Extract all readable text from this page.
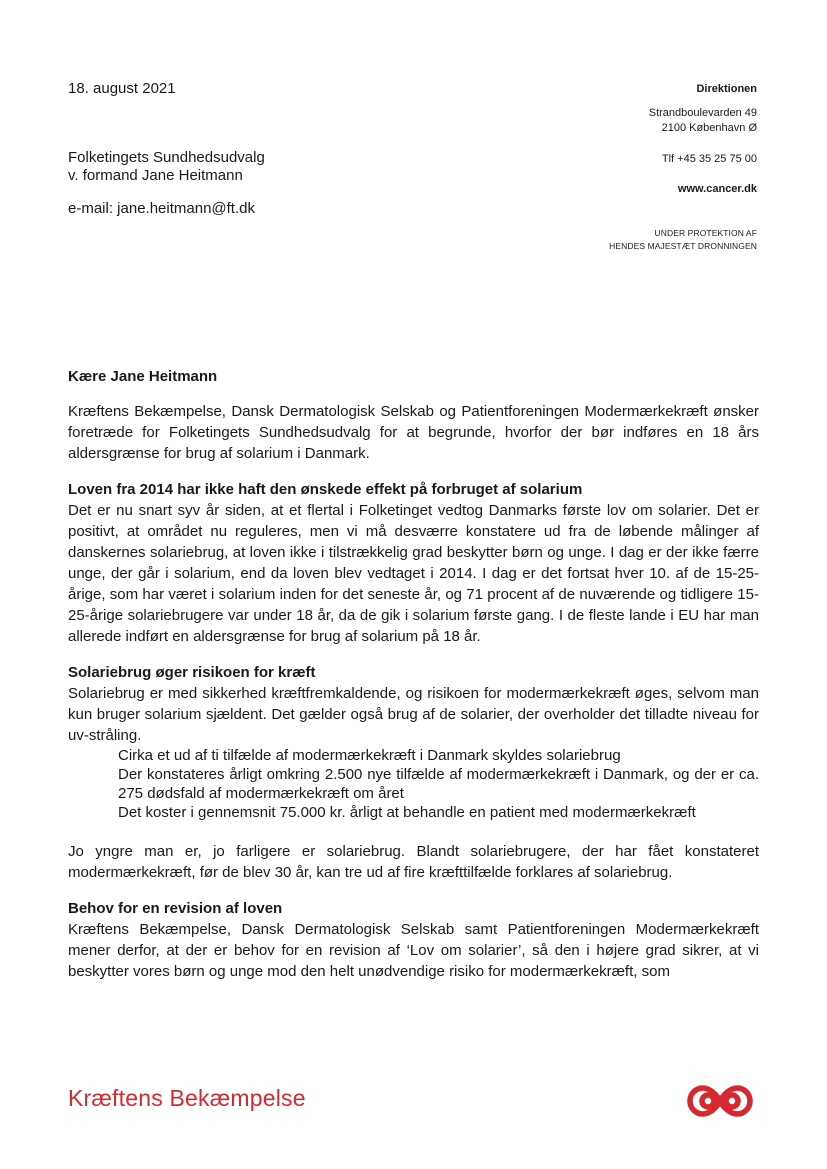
18. august 2021
Folketingets Sundhedsudvalg
v. formand Jane Heitmann
e-mail: jane.heitmann@ft.dk
Direktionen
Strandboulevarden 49
2100 København Ø
Tlf +45 35 25 75 00
www.cancer.dk
UNDER PROTEKTION AF
HENDES MAJESTÆT DRONNINGEN

Kære Jane Heitmann

Kræftens Bekæmpelse, Dansk Dermatologisk Selskab og Patientforeningen Modermærkekræft ønsker foretræde for Folketingets Sundhedsudvalg for at begrunde, hvorfor der bør indføres en 18 års aldersgrænse for brug af solarium i Danmark.

Loven fra 2014 har ikke haft den ønskede effekt på forbruget af solarium

Det er nu snart syv år siden, at et flertal i Folketinget vedtog Danmarks første lov om solarier. Det er positivt, at området nu reguleres, men vi må desværre konstatere ud fra de løbende målinger af danskernes solariebrug, at loven ikke i tilstrækkelig grad beskytter børn og unge. I dag er der ikke færre unge, der går i solarium, end da loven blev vedtaget i 2014. I dag er det fortsat hver 10. af de 15-25-årige, som har været i solarium inden for det seneste år, og 71 procent af de nuværende og tidligere 15-25-årige solariebrugere var under 18 år, da de gik i solarium første gang. I de fleste lande i EU har man allerede indført en aldersgrænse for brug af solarium på 18 år.

Solariebrug øger risikoen for kræft

Solariebrug er med sikkerhed kræftfremkaldende, og risikoen for modermærkekræft øges, selvom man kun bruger solarium sjældent. Det gælder også brug af de solarier, der overholder det tilladte niveau for uv-stråling.

Cirka et ud af ti tilfælde af modermærkekræft i Danmark skyldes solariebrug
Der konstateres årligt omkring 2.500 nye tilfælde af modermærkekræft i Danmark, og der er ca. 275 dødsfald af modermærkekræft om året
Det koster i gennemsnit 75.000 kr. årligt at behandle en patient med modermærkekræft

Jo yngre man er, jo farligere er solariebrug. Blandt solariebrugere, der har fået konstateret modermærkekræft, før de blev 30 år, kan tre ud af fire kræfttilfælde forklares af solariebrug.

Behov for en revision af loven

Kræftens Bekæmpelse, Dansk Dermatologisk Selskab samt Patientforeningen Modermærkekræft mener derfor, at der er behov for en revision af ‘Lov om solarier’, så den i højere grad sikrer, at vi beskytter vores børn og unge mod den helt unødvendige risiko for modermærkekræft, som

Kræftens Bekæmpelse
